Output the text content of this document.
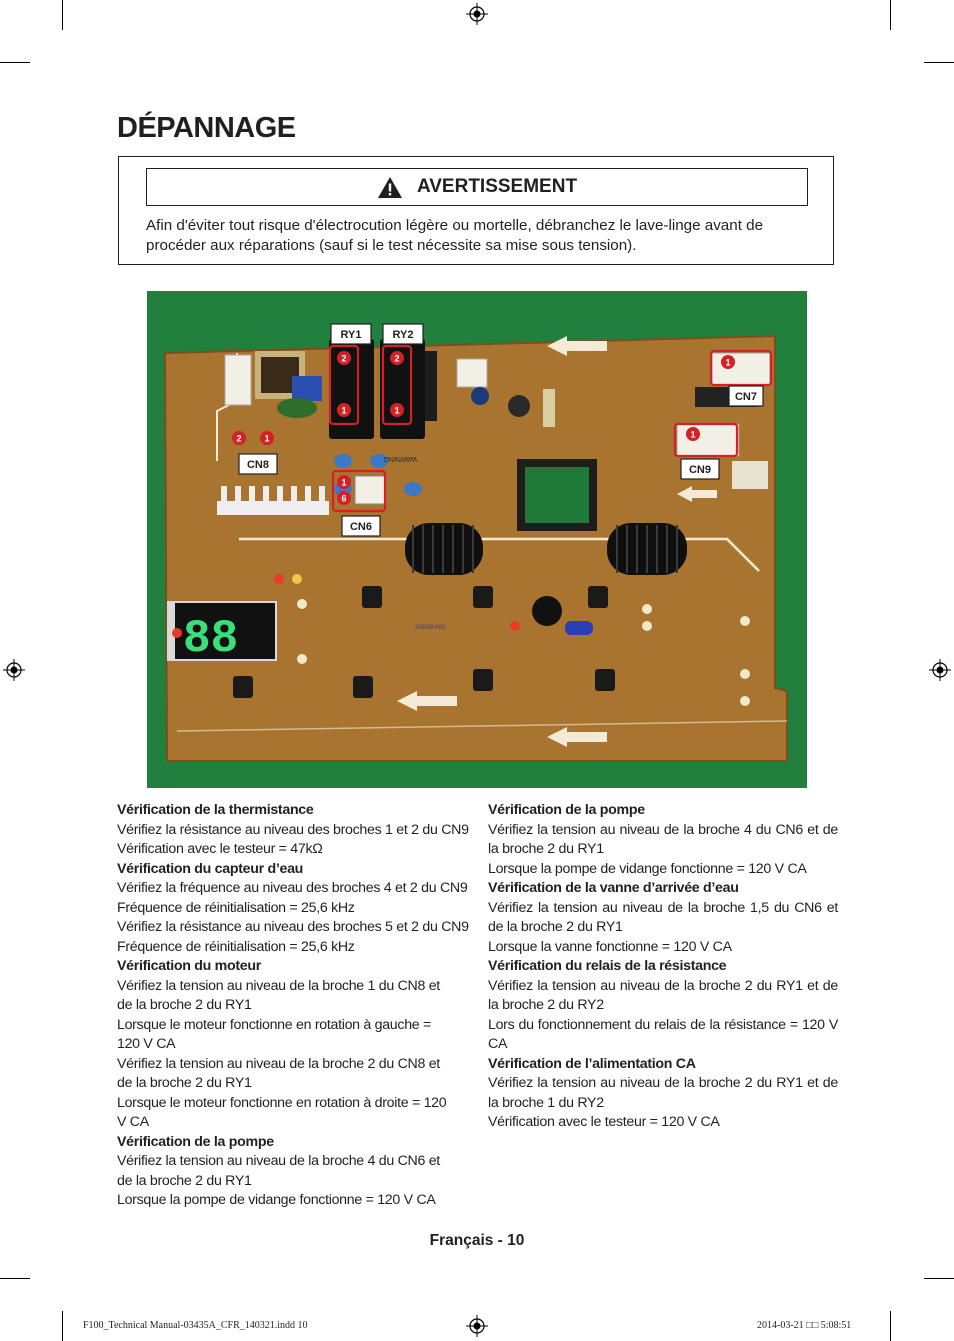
DÉPANNAGE
AVERTISSEMENT
Afin d'éviter tout risque d'électrocution légère ou mortelle, débranchez le lave-linge avant de procéder aux réparations (sauf si le test nécessite sa mise sous tension).
88
WARNING
SAMSUNG
2
1
2
1
1
1
1
6
2	1
RY1	RY2
CN7
CN9
CN8
CN6

Vérification de la thermistance

Vérifiez la résistance au niveau des broches 1 et 2 du CN9

Vérification avec le testeur = 47kΩ

Vérification du capteur d’eau

Vérifiez la fréquence au niveau des broches 4 et 2 du CN9

Fréquence de réinitialisation = 25,6 kHz

Vérifiez la résistance au niveau des broches 5 et 2 du CN9

Fréquence de réinitialisation = 25,6 kHz

Vérification du moteur

Vérifiez la tension au niveau de la broche 1 du CN8 et de la broche 2 du RY1

Lorsque le moteur fonctionne en rotation à gauche = 120 V CA

Vérifiez la tension au niveau de la broche 2 du CN8 et de la broche 2 du RY1

Lorsque le moteur fonctionne en rotation à droite = 120 V CA

Vérification de la pompe

Vérifiez la tension au niveau de la broche 4 du CN6 et de la broche 2 du RY1

Lorsque la pompe de vidange fonctionne = 120 V CA

Vérification de la pompe

Vérifiez la tension au niveau de la broche 4 du CN6 et de la broche 2 du RY1

Lorsque la pompe de vidange fonctionne = 120 V CA

Vérification de la vanne d’arrivée d’eau

Vérifiez la tension au niveau de la broche 1,5 du CN6 et de la broche 2 du RY1

Lorsque la vanne fonctionne = 120 V CA

Vérification du relais de la résistance

Vérifiez la tension au niveau de la broche 2 du RY1 et de la broche 2 du RY2

Lors du fonctionnement du relais de la résistance = 120 V CA

Vérification de l’alimentation CA

Vérifiez la tension au niveau de la broche 2 du RY1 et de la broche 1 du RY2

Vérification avec le testeur = 120 V CA

Français - 10
F100_Technical Manual-03435A_CFR_140321.indd 10	2014-03-21 □□ 5:08:51
